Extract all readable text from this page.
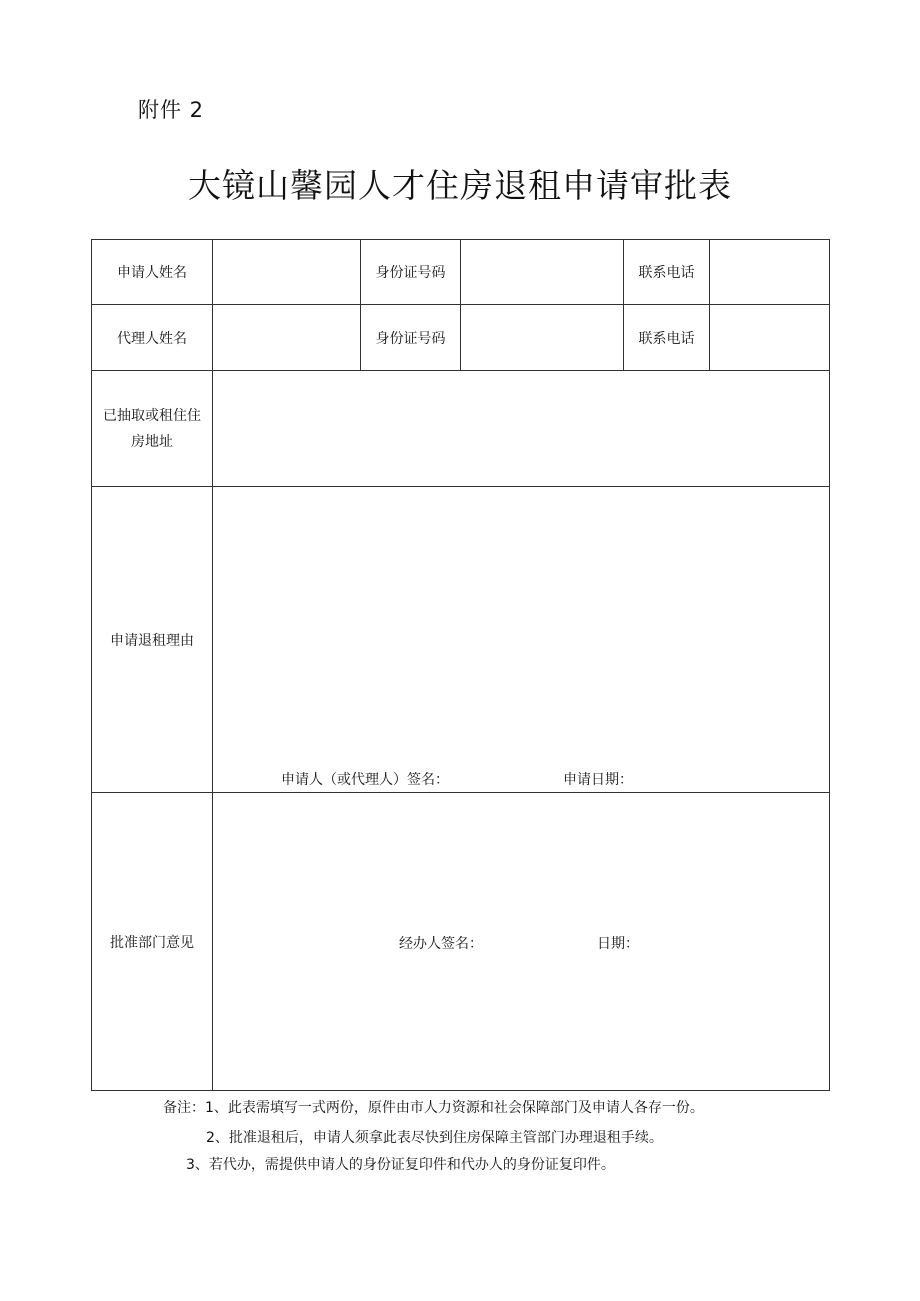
附件 2
大镜山馨园人才住房退租申请审批表
申请人姓名		身份证号码		联系电话	
代理人姓名		身份证号码		联系电话	
已抽取或租住住房地址					
申请退租理由	申请人（或代理人）签名： 申请日期：				

批准部门意见	经办人签名： 日期：				
备注：1、此表需填写一式两份，原件由市人力资源和社会保障部门及申请人各存一份。
2、批准退租后，申请人须拿此表尽快到住房保障主管部门办理退租手续。
3、若代办，需提供申请人的身份证复印件和代办人的身份证复印件。
